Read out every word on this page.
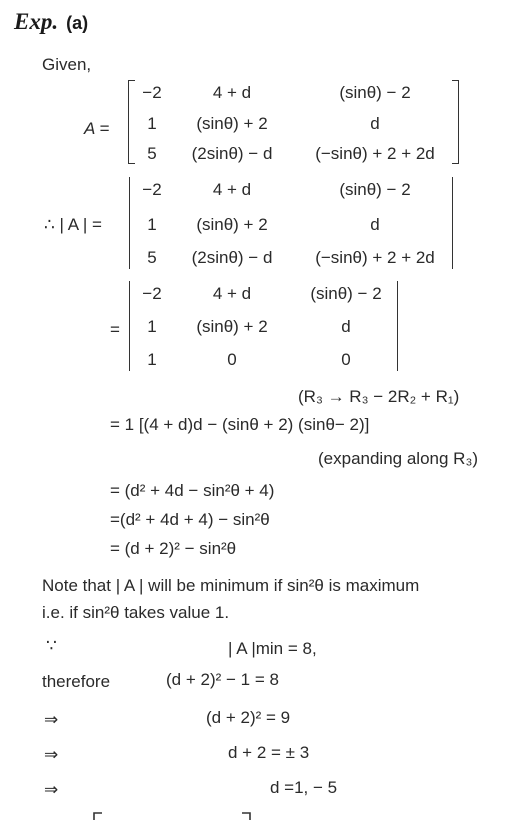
Exp. (a)
Given,
A =
−2	4 + d	(sinθ) − 2
1 (sinθ) + 2	d
5 (2sinθ) − d	(−sinθ) + 2 + 2d
∴ | A | =
−2	4 + d	(sinθ) − 2
1 (sinθ) + 2	d
5 (2sinθ) − d	(−sinθ) + 2 + 2d
=
−2	4 + d	(sinθ) − 2
1 (sinθ) + 2	d
1	0	0
(R₃ → R₃ − 2R₂ + R₁)
= 1 [(4 + d)d − (sinθ + 2) (sinθ− 2)]
(expanding along R₃)
= (d² + 4d − sin²θ + 4)
=(d² + 4d + 4) − sin²θ
= (d + 2)² − sin²θ
Note that | A | will be minimum if sin²θ is maximum
i.e. if sin²θ takes value 1.
∵	| A |min = 8,
therefore	(d + 2)² − 1 = 8
⇒	(d + 2)² = 9
⇒	d + 2 = ± 3
⇒	d =1, − 5
